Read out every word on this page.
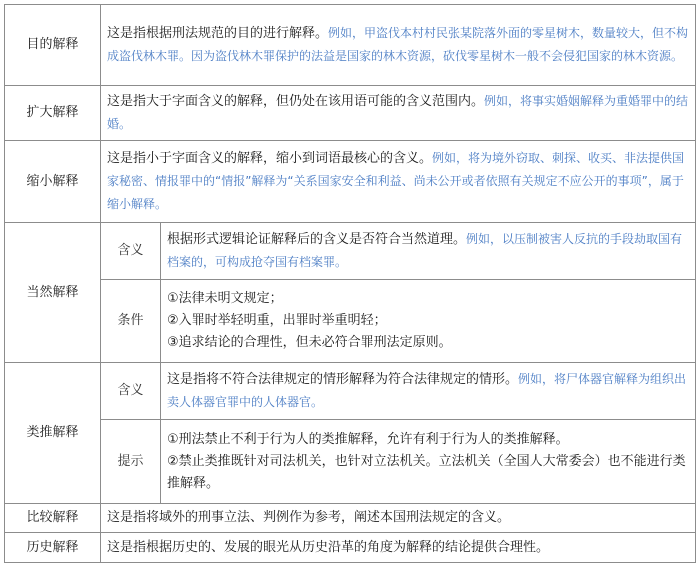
目的解释	这是指根据刑法规范的目的进行解释。例如，甲盗伐本村村民张某院落外面的零星树木，数量较大，但不构成盗伐林木罪。因为盗伐林木罪保护的法益是国家的林木资源，砍伐零星树木一般不会侵犯国家的林木资源。	
扩大解释	这是指大于字面含义的解释，但仍处在该用语可能的含义范围内。例如，将事实婚姻解释为重婚罪中的结婚。	
缩小解释	这是指小于字面含义的解释，缩小到词语最核心的含义。例如，将为境外窃取、刺探、收买、非法提供国家秘密、情报罪中的“情报”解释为“关系国家安全和利益、尚未公开或者依照有关规定不应公开的事项”，属于缩小解释。	
当然解释	含义	根据形式逻辑论证解释后的含义是否符合当然道理。例如，以压制被害人反抗的手段劫取国有档案的，可构成抢夺国有档案罪。
	条件	①法律未明文规定；
②入罪时举轻明重，出罪时举重明轻；
③追求结论的合理性，但未必符合罪刑法定原则。

类推解释	含义	这是指将不符合法律规定的情形解释为符合法律规定的情形。例如，将尸体器官解释为组织出卖人体器官罪中的人体器官。
	提示	①刑法禁止不利于行为人的类推解释，允许有利于行为人的类推解释。
②禁止类推既针对司法机关，也针对立法机关。立法机关（全国人大常委会）也不能进行类推解释。

比较解释	这是指将域外的刑事立法、判例作为参考，阐述本国刑法规定的含义。	
历史解释	这是指根据历史的、发展的眼光从历史沿革的角度为解释的结论提供合理性。	
